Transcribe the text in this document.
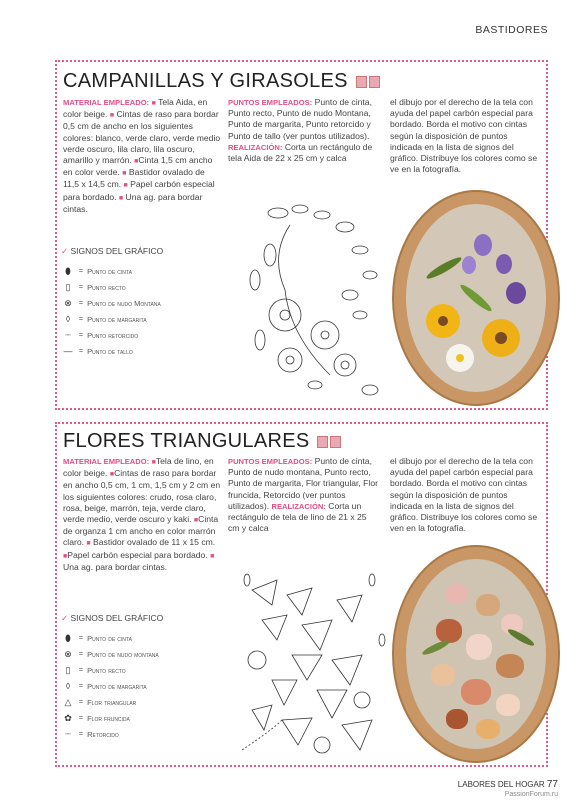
BASTIDORES
CAMPANILLAS Y GIRASOLES
MATERIAL EMPLEADO: ■ Tela Aida, en color beige. ■ Cintas de raso para bordar 0,5 cm de ancho en los siguientes colores: blanco, verde claro, verde medio verde oscuro, lila claro, lila oscuro, amarillo y marrón. ■Cinta 1,5 cm ancho en color verde. ■ Bastidor ovalado de 11,5 x 14,5 cm. ■ Papel carbón especial para bordado. ■ Una ag. para bordar cintas.
PUNTOS EMPLEADOS: Punto de cinta, Punto recto, Punto de nudo Montana, Punto de margarita, Punto retorcido y Punto de tallo (ver puntos utilizados). REALIZACIÓN: Corta un rectángulo de tela Aida de 22 x 25 cm y calca
el dibujo por el derecho de la tela con ayuda del papel carbón especial para bordado. Borda el motivo con cintas según la disposición de puntos indicada en la lista de signos del gráfico. Distribuye los colores como se ve en la fotografía.
✓ SIGNOS DEL GRÁFICO
⬮	= Punto de cinta
▯	= Punto recto
⊗	= Punto de nudo Montana
◊	= Punto de margarita
┈	= Punto retorcido
— = Punto de tallo
FLORES TRIANGULARES
MATERIAL EMPLEADO: ■Tela de lino, en color beige. ■Cintas de raso para bordar en ancho 0,5 cm, 1 cm, 1,5 cm y 2 cm en los siguientes colores: crudo, rosa claro, rosa, beige, marrón, teja, verde claro, verde medio, verde oscuro y kaki. ■Cinta de organza 1 cm ancho en color marrón claro. ■ Bastidor ovalado de 11 x 15 cm. ■Papel carbón especial para bordado. ■ Una ag. para bordar cintas.
PUNTOS EMPLEADOS: Punto de cinta, Punto de nudo montana, Punto recto, Punto de margarita, Flor triangular, Flor fruncida, Retorcido (ver puntos utilizados). REALIZACIÓN: Corta un rectángulo de tela de lino de 21 x 25 cm y calca
el dibujo por el derecho de la tela con ayuda del papel carbón especial para bordado. Borda el motivo con cintas según la disposición de puntos indicada en la lista de signos del gráfico. Distribuye los colores como se ven en la fotografía.
✓ SIGNOS DEL GRÁFICO
⬮	= Punto de cinta
⊗	= Punto de nudo montana
▯	= Punto recto
◊	= Punto de margarita
△	= Flor triangular
✿	= Flor fruncida
┈	= Retorcido
LABORES DEL HOGAR 77
PassionForum.ru
